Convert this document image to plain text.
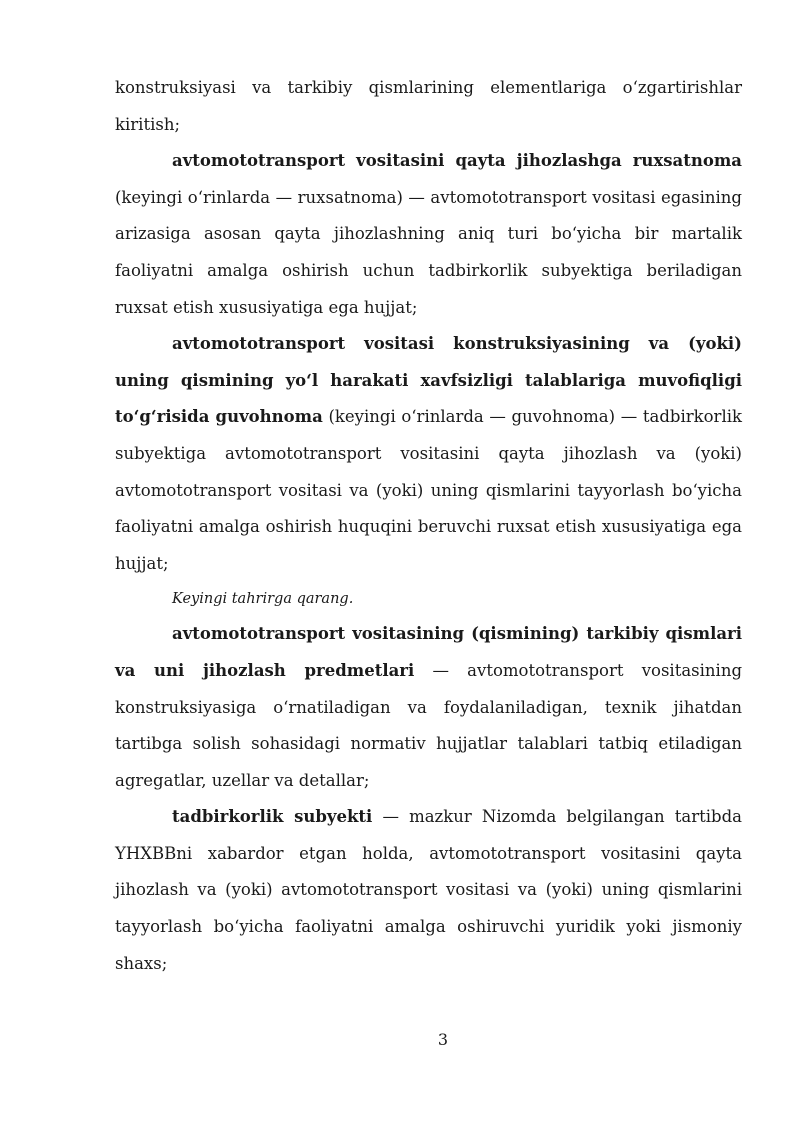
konstruksiyasi va tarkibiy qismlarining elementlariga oʻzgartirishlar kiritish;

avtomototransport vositasini qayta jihozlashga ruxsatnoma (keyingi oʻrinlarda — ruxsatnoma) — avtomototransport vositasi egasining arizasiga asosan qayta jihozlashning aniq turi boʻyicha bir martalik faoliyatni amalga oshirish uchun tadbirkorlik subyektiga beriladigan ruxsat etish xususiyatiga ega hujjat;

avtomototransport vositasi konstruksiyasining va (yoki) uning qismining yoʻl harakati xavfsizligi talablariga muvofiqligi toʻgʻrisida guvohnoma (keyingi oʻrinlarda — guvohnoma) — tadbirkorlik subyektiga avtomototransport vositasini qayta jihozlash va (yoki) avtomototransport vositasi va (yoki) uning qismlarini tayyorlash boʻyicha faoliyatni amalga oshirish huquqini beruvchi ruxsat etish xususiyatiga ega hujjat;

Keyingi tahrirga qarang.

avtomototransport vositasining (qismining) tarkibiy qismlari va uni jihozlash predmetlari — avtomototransport vositasining konstruksiyasiga oʻrnatiladigan va foydalaniladigan, texnik jihatdan tartibga solish sohasidagi normativ hujjatlar talablari tatbiq etiladigan agregatlar, uzellar va detallar;

tadbirkorlik subyekti — mazkur Nizomda belgilangan tartibda YHXBBni xabardor etgan holda, avtomototransport vositasini qayta jihozlash va (yoki) avtomototransport vositasi va (yoki) uning qismlarini tayyorlash boʻyicha faoliyatni amalga oshiruvchi yuridik yoki jismoniy shaxs;

3
